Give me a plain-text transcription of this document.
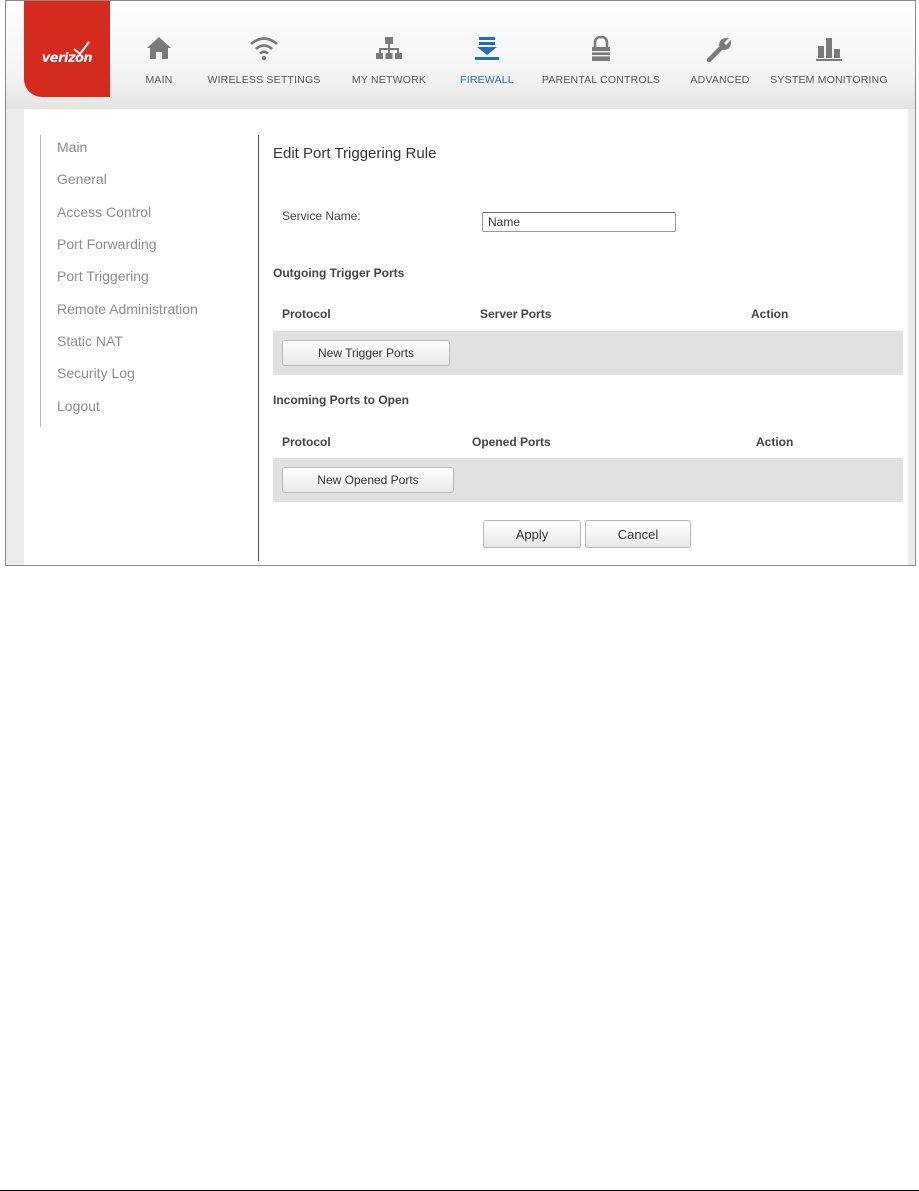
verizon
MAIN	WIRELESS SETTINGS	MY NETWORK	FIREWALL	PARENTAL CONTROLS	ADVANCED	SYSTEM MONITORING
Main
General
Access Control
Port Forwarding
Port Triggering
Remote Administration
Static NAT
Security Log
Logout
Edit Port Triggering Rule
Service Name:
Name
Outgoing Trigger Ports
Protocol	Server Ports	Action
New Trigger Ports
Incoming Ports to Open
Protocol	Opened Ports	Action
New Opened Ports
Apply	Cancel
